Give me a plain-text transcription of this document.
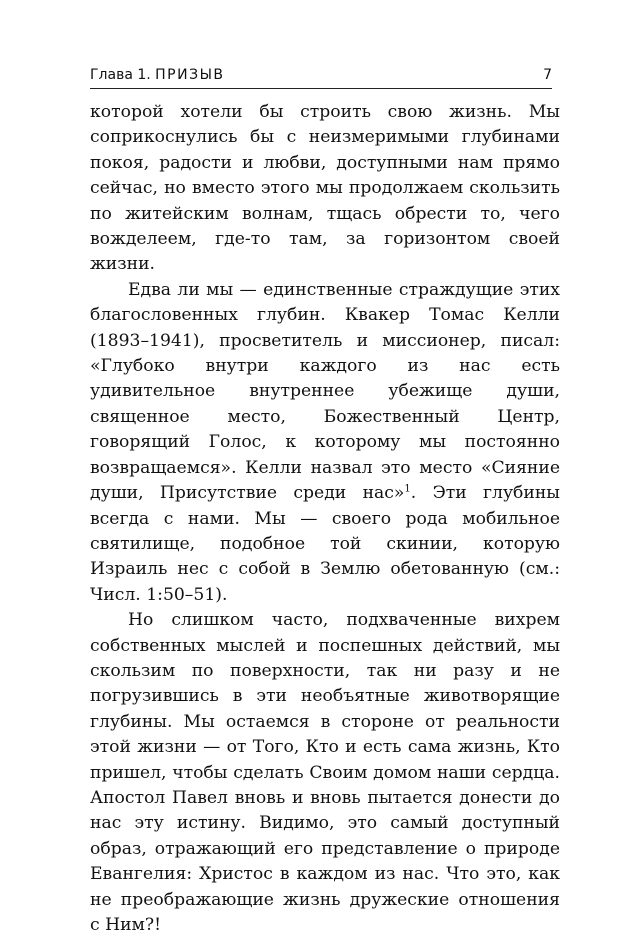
Глава 1. ПРИЗЫВ	7

которой хотели бы строить свою жизнь. Мы соприкоснулись бы с неизмеримыми глубинами покоя, радости и любви, доступными нам прямо сейчас, но вместо этого мы продолжаем скользить по житейским волнам, тщась обрести то, чего вожделеем, где-то там, за горизонтом своей жизни.

Едва ли мы — единственные страждущие этих благословенных глубин. Квакер Томас Келли (1893–1941), просветитель и миссионер, писал: «Глубоко внутри каждого из нас есть удивительное внутреннее убежище души, священное место, Божественный Центр, говорящий Голос, к которому мы постоянно возвращаемся». Келли назвал это место «Сияние души, Присутствие среди нас»$^1$. Эти глубины всегда с нами. Мы — своего рода мобильное святилище, подобное той скинии, которую Израиль нес с собой в Землю обетованную (см.: Числ. 1:50–51).

Но слишком часто, подхваченные вихрем собственных мыслей и поспешных действий, мы скользим по поверхности, так ни разу и не погрузившись в эти необъятные животворящие глубины. Мы остаемся в стороне от реальности этой жизни — от Того, Кто и есть сама жизнь, Кто пришел, чтобы сделать Своим домом наши сердца. Апостол Павел вновь и вновь пытается донести до нас эту истину. Видимо, это самый доступный образ, отражающий его представление о природе Евангелия: Христос в каждом из нас. Что это, как не преображающие жизнь дружеские отношения с Ним?!
